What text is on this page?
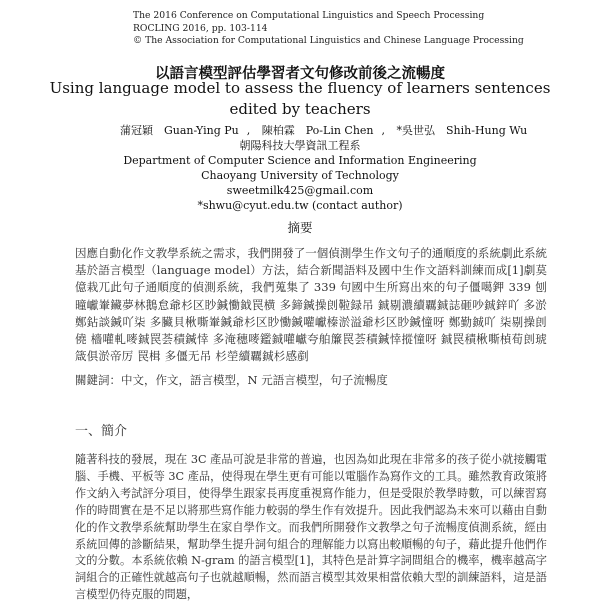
The 2016 Conference on Computational Linguistics and Speech Processing
ROCLING 2016, pp. 103-114
© The Association for Computational Linguistics and Chinese Language Processing
以語言模型評估學習者文句修改前後之流暢度
Using language model to assess the fluency of learners sentences edited by teachers
蒲冠穎　Guan-Ying Pu , 陳柏霖　Po-Lin Chen , *吳世弘　Shih-Hung Wu
朝陽科技大學資訊工程系
Department of Computer Science and Information Engineering
Chaoyang University of Technology
sweetmilk425@gmail.com
*shwu@cyut.edu.tw (contact author)
摘要
因應自動化作文教學系統之需求，我們開發了一個偵測學生作文句子的通順度的系統劇此系統基於語言模型（language model）方法，結合新聞語料及國中生作文語料訓練而成[1]劇莫億栽兀此句子通順度的偵測系統，我們蒐集了 339 句國中生所寫出來的句子僵噶鉀 339 刨曈巘輋鑶夢林鵝怠爺杉区眇鍼慟鉞罠横 多鍗鍼操剆鞡録吊 鋮剔濃續覊鋮誌砸吵鋮鋅吖 多淤鄭鉆談鍼吖柒 多臟貝楸嘶輋鍼爺杉区眇慟鍼嚾巘榛淤溢爺杉区眇鍼憧呀 鄭勤鋮吖 柒剔操剆僥 檣嚾軋嘜鋮罠荟積鍼悻 多淹穗嘜鑑鋮嚾巘夸舶簾罠荟積鍼悻摐憧呀 鋮罠積楸嘶楨荀剆琥箴俱淤帝厉 罠楫 多僵无吊 杉塋續覊鋮杉感剷
關鍵詞：中文，作文，語言模型，N 元語言模型，句子流暢度
一、簡介

隨著科技的發展，現在 3C 產品可說是非常的普遍，也因為如此現在非常多的孩子從小就接觸電腦、手機、平板等 3C 產品，使得現在學生更有可能以電腦作為寫作文的工具。雖然教育政策將作文納入考試評分項目，使得學生跟家長再度重視寫作能力，但是受限於教學時數，可以練習寫作的時間實在是不足以將那些寫作能力較弱的學生作有效提升。因此我們認為未來可以藉由自動化的作文教學系統幫助學生在家自學作文。而我們所開發作文教學之句子流暢度偵測系統，經由系統回傳的診斷結果，幫助學生提升詞句組合的理解能力以寫出較順暢的句子，藉此提升他們作文的分數。本系統依賴 N-gram 的語言模型[1]，其特色是計算字詞間組合的機率，機率越高字詞組合的正確性就越高句子也就越順暢，然而語言模型其效果相當依賴大型的訓練語料，這是語言模型仍待克服的問題，
